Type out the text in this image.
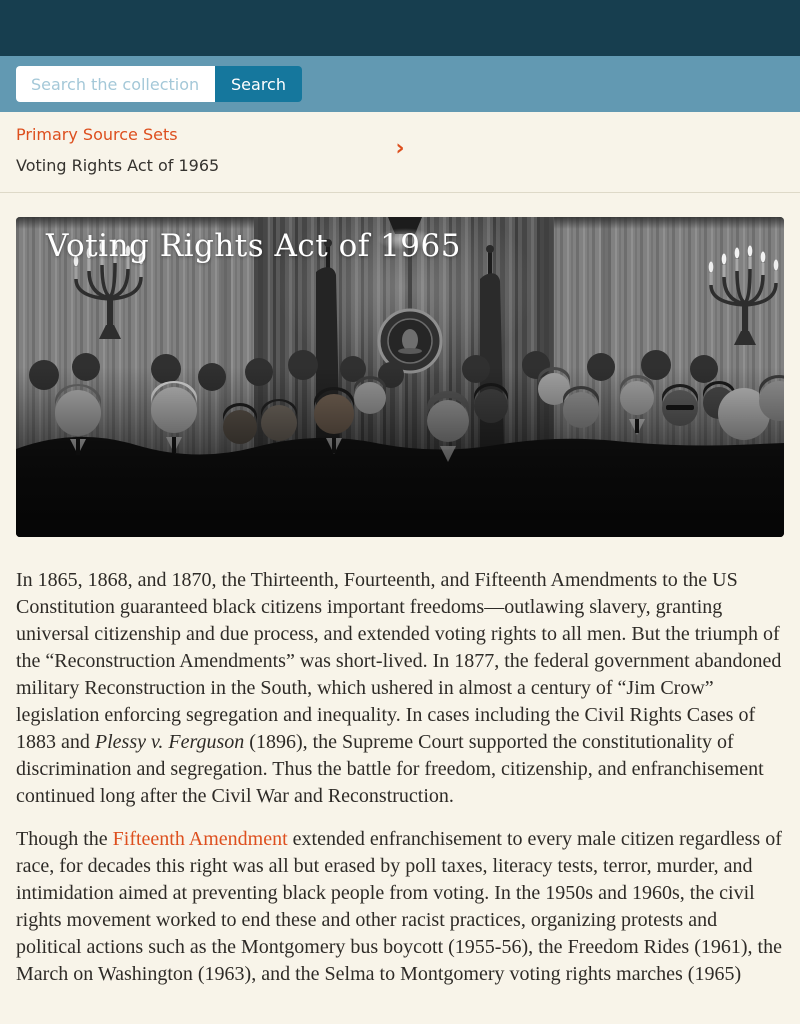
Search the collection
Search
Primary Source Sets
Voting Rights Act of 1965
›
Voting Rights Act of 1965

In 1865, 1868, and 1870, the Thirteenth, Fourteenth, and Fifteenth Amendments to the US Constitution guaranteed black citizens important freedoms—outlawing slavery, granting universal citizenship and due process, and extended voting rights to all men. But the triumph of the “Reconstruction Amendments” was short-lived. In 1877, the federal government abandoned military Reconstruction in the South, which ushered in almost a century of “Jim Crow” legislation enforcing segregation and inequality. In cases including the Civil Rights Cases of 1883 and Plessy v. Ferguson (1896), the Supreme Court supported the constitutionality of discrimination and segregation. Thus the battle for freedom, citizenship, and enfranchisement continued long after the Civil War and Reconstruction.

Though the Fifteenth Amendment extended enfranchisement to every male citizen regardless of race, for decades this right was all but erased by poll taxes, literacy tests, terror, murder, and intimidation aimed at preventing black people from voting. In the 1950s and 1960s, the civil rights movement worked to end these and other racist practices, organizing protests and political actions such as the Montgomery bus boycott (1955-56), the Freedom Rides (1961), the March on Washington (1963), and the Selma to Montgomery voting rights marches (1965)
